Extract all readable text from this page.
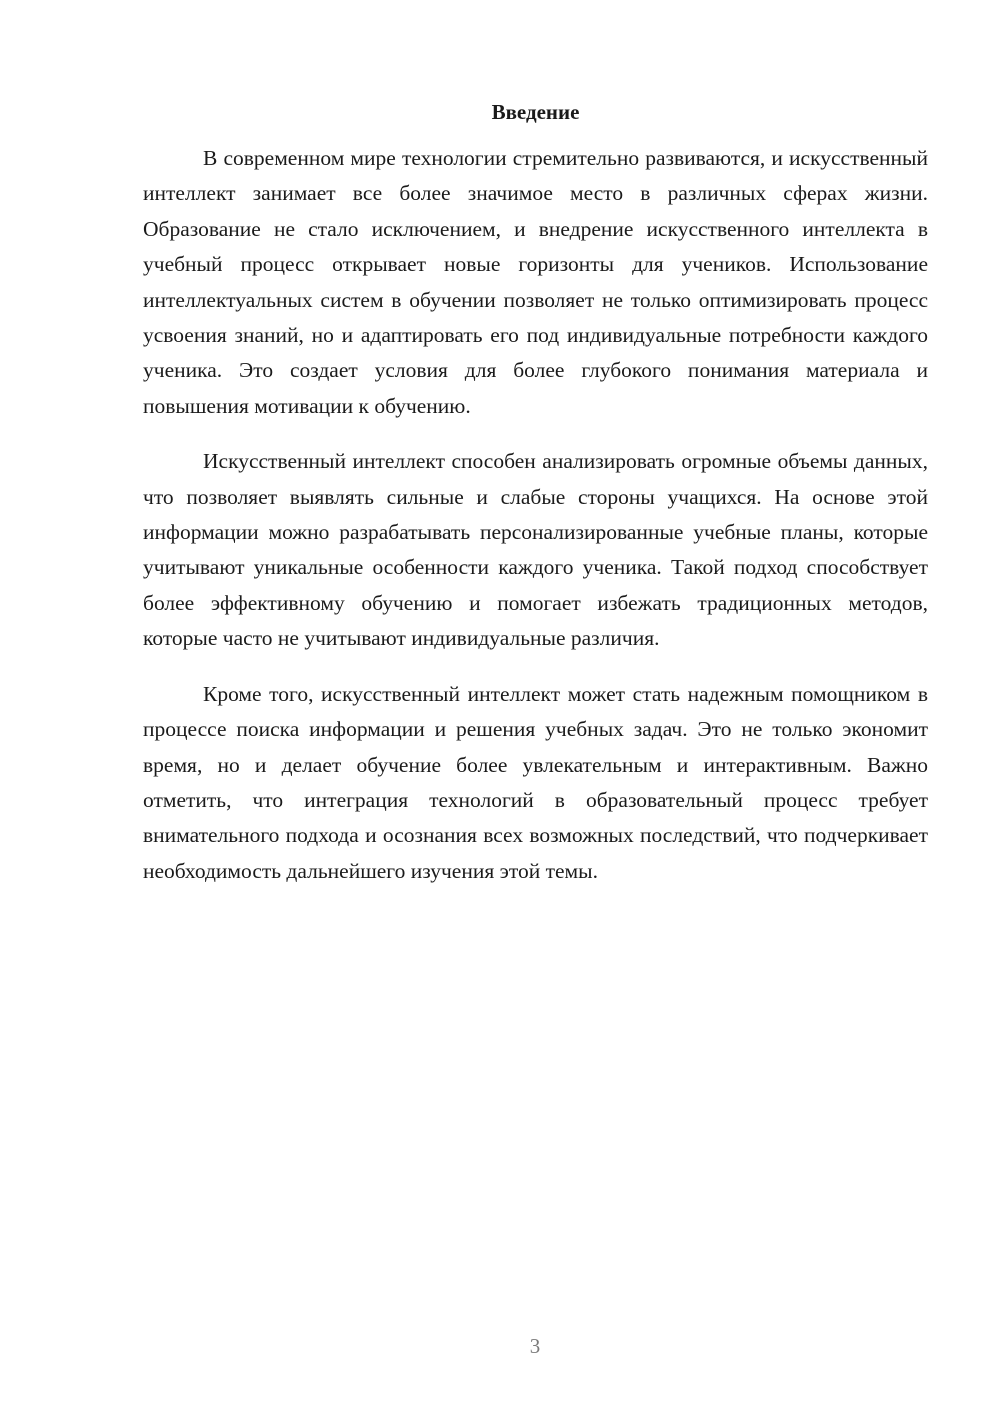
Введение

В современном мире технологии стремительно развиваются, и искусственный интеллект занимает все более значимое место в различных сферах жизни. Образование не стало исключением, и внедрение искусственного интеллекта в учебный процесс открывает новые горизонты для учеников. Использование интеллектуальных систем в обучении позволяет не только оптимизировать процесс усвоения знаний, но и адаптировать его под индивидуальные потребности каждого ученика. Это создает условия для более глубокого понимания материала и повышения мотивации к обучению.

Искусственный интеллект способен анализировать огромные объемы данных, что позволяет выявлять сильные и слабые стороны учащихся. На основе этой информации можно разрабатывать персонализированные учебные планы, которые учитывают уникальные особенности каждого ученика. Такой подход способствует более эффективному обучению и помогает избежать традиционных методов, которые часто не учитывают индивидуальные различия.

Кроме того, искусственный интеллект может стать надежным помощником в процессе поиска информации и решения учебных задач. Это не только экономит время, но и делает обучение более увлекательным и интерактивным. Важно отметить, что интеграция технологий в образовательный процесс требует внимательного подхода и осознания всех возможных последствий, что подчеркивает необходимость дальнейшего изучения этой темы.

3
